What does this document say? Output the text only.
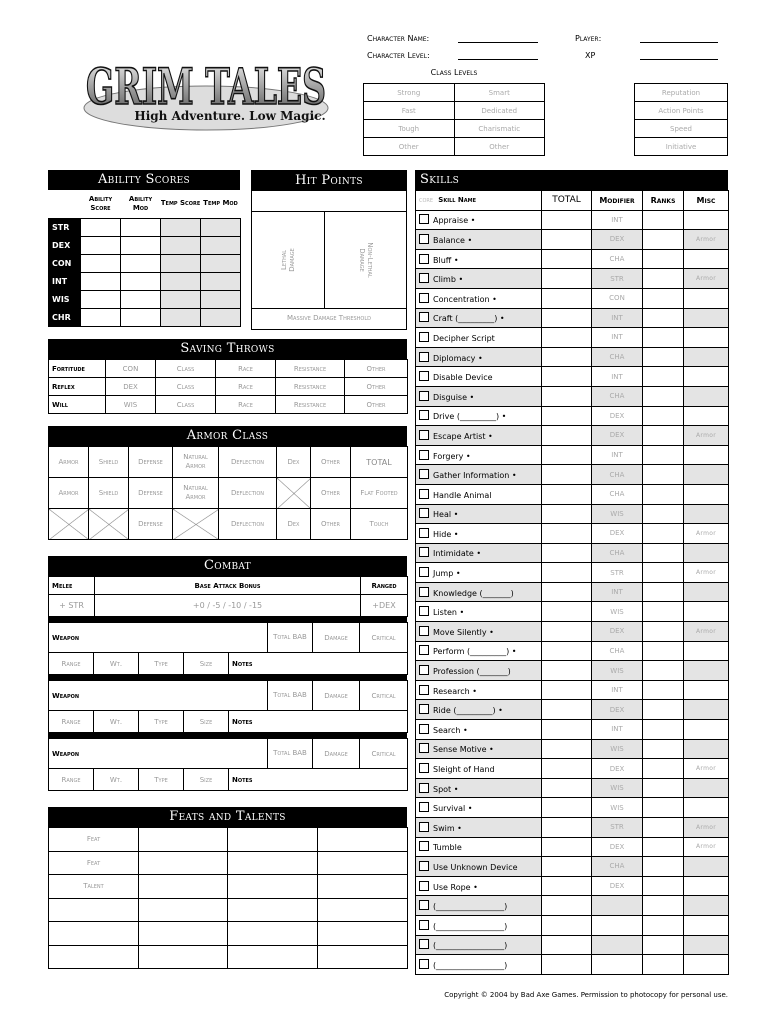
GRIM TALES
High Adventure. Low Magic.
Character Name:
Character Level:
Player:
XP
Class Levels
Strong	Smart
Fast	Dedicated
Tough	Charismatic
Other	Other
Reputation
Action Points
Speed
Initiative
Ability Scores
	Ability Score	Ability Mod	Temp Score	Temp Mod
STR				
DEX				
CON				
INT				
WIS				
CHR				
Hit Points
Lethal Damage	Non-Lethal Damage
Massive Damage Threshold
Saving Throws
Fortitude	CON	Class	Race	Resistance	Other
Reflex	DEX	Class	Race	Resistance	Other
Will	WIS	Class	Race	Resistance	Other
Armor Class
Armor	Shield	Defense	Natural Armor	Deflection	Dex	Other	TOTAL
Armor	Shield	Defense	Natural Armor	Deflection		Other	Flat Footed
		Defense		Deflection	Dex	Other	Touch
Combat
Melee	Base Attack Bonus	Ranged
+ STR	+0 / -5 / -10 / -15	+DEX
Weapon					Total BAB	Damage	Critical
Range	Wt.	Type	Size	Notes			
Weapon					Total BAB	Damage	Critical
Range	Wt.	Type	Size	Notes			
Weapon					Total BAB	Damage	Critical
Range	Wt.	Type	Size	Notes			
Feats and Talents
Feat			
Feat			
Talent			

Skills
core Skill Name	TOTAL	Modifier	Ranks	Misc
Appraise •		INT		
Balance •		DEX		Armor
Bluff •		CHA		
Climb •		STR		Armor
Concentration •		CON		
Craft (_________) •		INT		
Decipher Script		INT		
Diplomacy •		CHA		
Disable Device		INT		
Disguise •		CHA		
Drive (_________) •		DEX		
Escape Artist •		DEX		Armor
Forgery •		INT		
Gather Information •		CHA		
Handle Animal		CHA		
Heal •		WIS		
Hide •		DEX		Armor
Intimidate •		CHA		
Jump •		STR		Armor
Knowledge (_______)		INT		
Listen •		WIS		
Move Silently •		DEX		Armor
Perform (_________) •		CHA		
Profession (_______)		WIS		
Research •		INT		
Ride (_________) •		DEX		
Search •		INT		
Sense Motive •		WIS		
Sleight of Hand		DEX		Armor
Spot •		WIS		
Survival •		WIS		
Swim •		STR		Armor
Tumble		DEX		Armor
Use Unknown Device		CHA		
Use Rope •		DEX		
(_________________)				
(_________________)				
(_________________)				
(_________________)				
Copyright © 2004 by Bad Axe Games. Permission to photocopy for personal use.
